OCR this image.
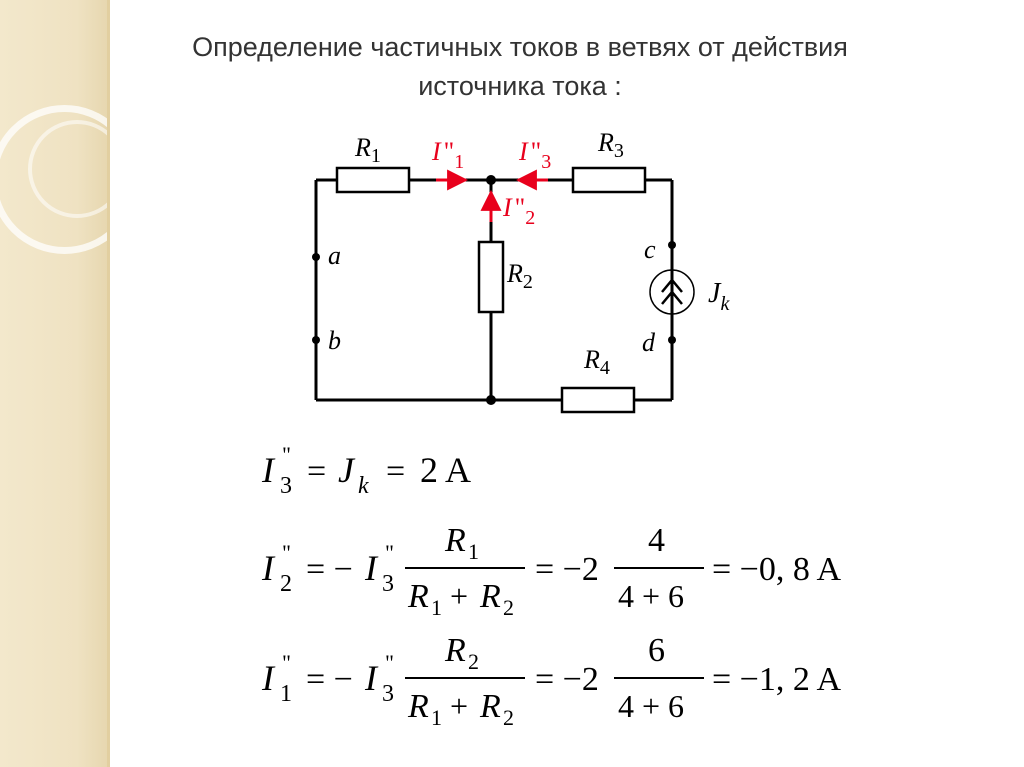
Определение частичных токов в ветвях от действия
источника тока :
$R_1$	$R_3$
$R_2$
$R_4$
I "$_1$ I "$_3$
I "$_2$
a
b
c
d
$J_k$
I "
3 = J k = 2 A
I "
2 = − I "
3
R 1
R 1 + R 2
= −2
4
4 + 6
= −0, 8 A
I "
1 = − I "
3
R 2
R 1 + R 2
= −2
6
4 + 6
= −1, 2 A
